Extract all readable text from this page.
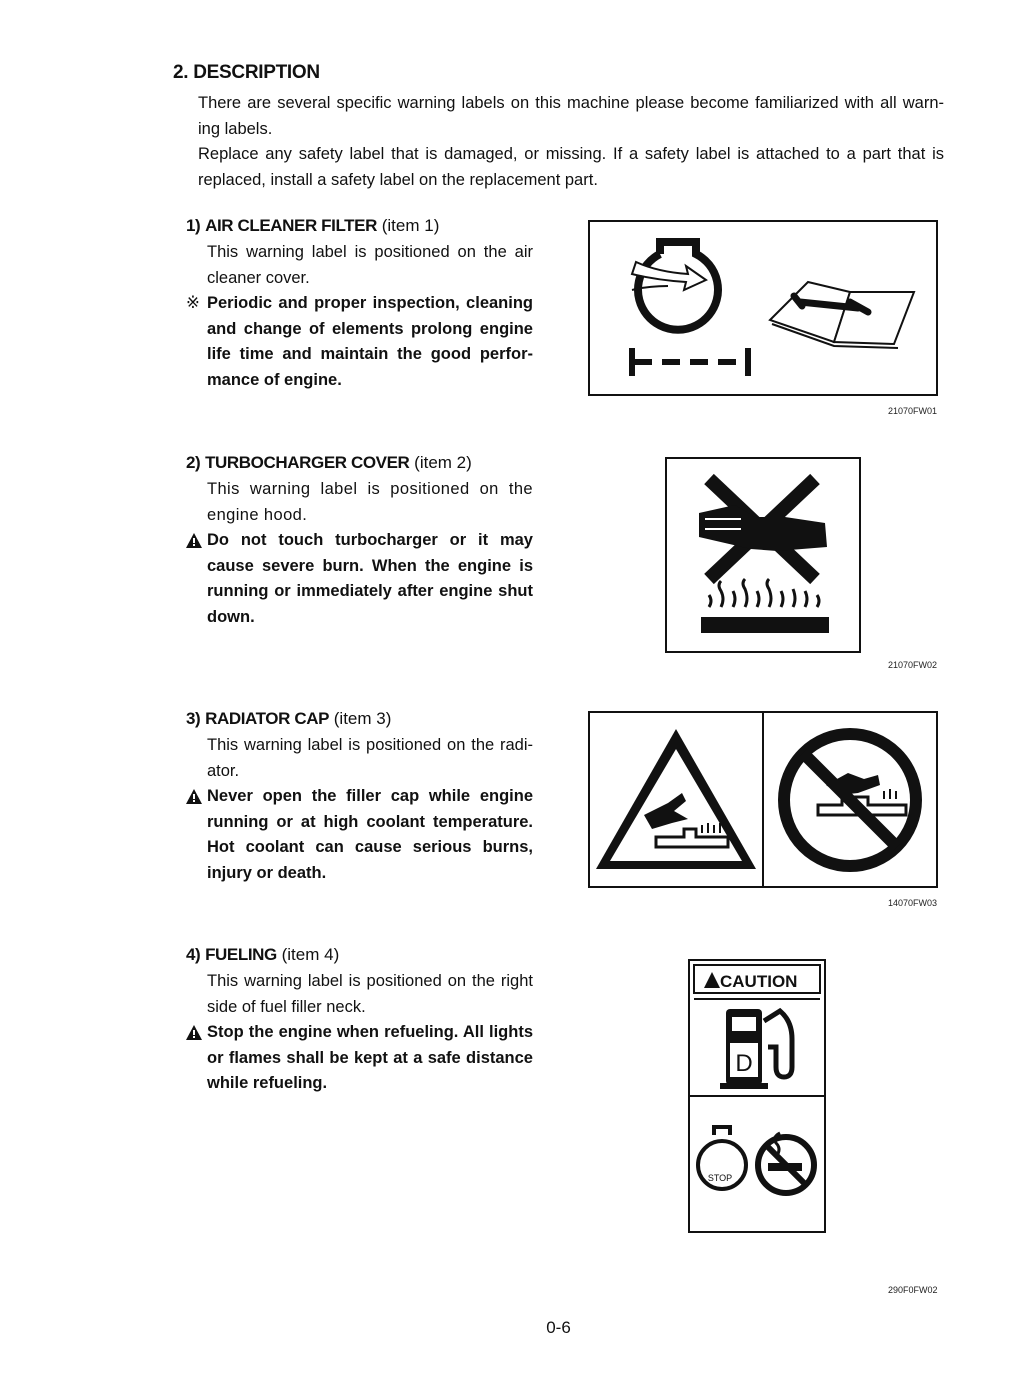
2. DESCRIPTION
There are several specific warning labels on this machine please become familiarized with all warn-ing labels.
Replace any safety label that is damaged, or missing. If a safety label is attached to a part that is replaced, install a safety label on the replacement part.
1) AIR CLEANER FILTER (item 1)
This warning label is positioned on the air cleaner cover.
※ Periodic and proper inspection, cleaning and change of elements prolong engine life time and maintain the good perfor-mance of engine.
21070FW01
2) TURBOCHARGER COVER (item 2)
This warning label is positioned on the engine hood.
Do not touch turbocharger or it may cause severe burn. When the engine is running or immediately after engine shut down.
21070FW02
3) RADIATOR CAP (item 3)
This warning label is positioned on the radi-ator.
Never open the filler cap while engine running or at high coolant temperature. Hot coolant can cause serious burns, injury or death.
14070FW03
4) FUELING (item 4)
This warning label is positioned on the right side of fuel filler neck.
Stop the engine when refueling. All lights or flames shall be kept at a safe distance while refueling.
CAUTION
D
STOP
290F0FW02
0-6
